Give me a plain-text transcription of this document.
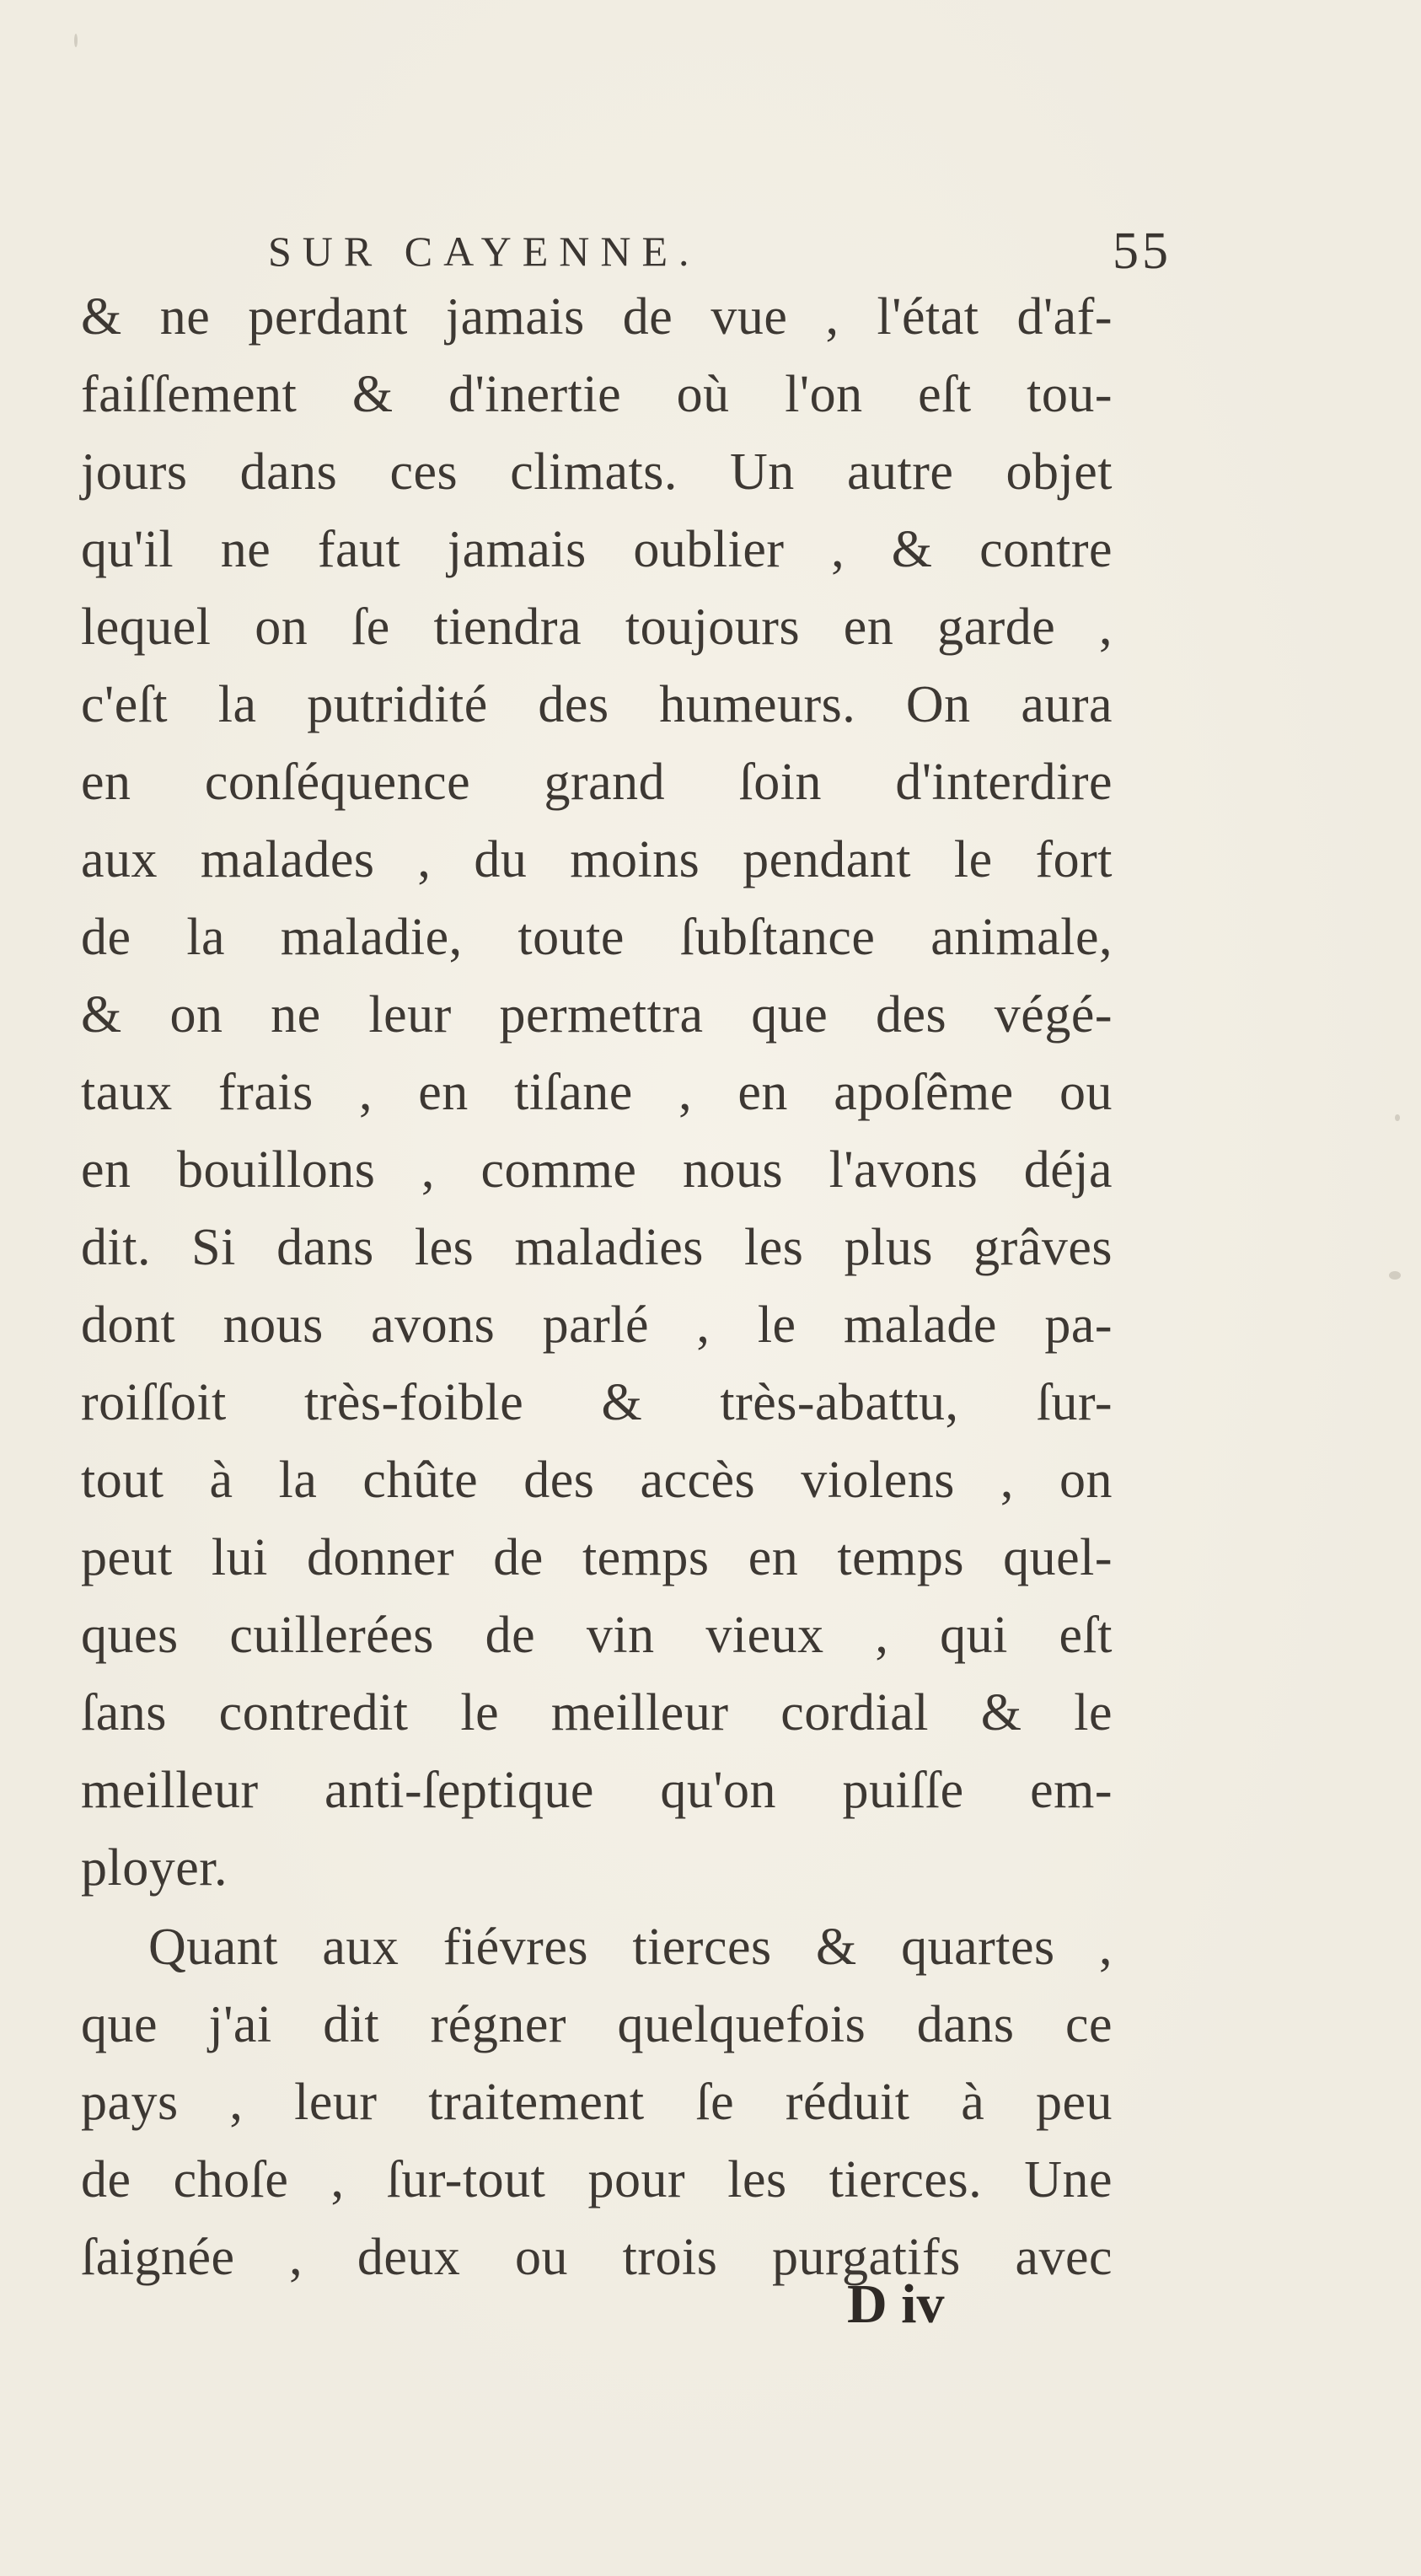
SUR CAYENNE.	55
& ne perdant jamais de vue , l'état d'af-
faiſſement & d'inertie où l'on eſt tou-
jours dans ces climats. Un autre objet
qu'il ne faut jamais oublier , & contre
lequel on ſe tiendra toujours en garde ,
c'eſt la putridité des humeurs. On aura
en conſéquence grand ſoin d'interdire
aux malades , du moins pendant le fort
de la maladie, toute ſubſtance animale,
& on ne leur permettra que des végé-
taux frais , en tiſane , en apoſême ou
en bouillons , comme nous l'avons déja
dit. Si dans les maladies les plus grâves
dont nous avons parlé , le malade pa-
roiſſoit très-foible & très-abattu, ſur-
tout à la chûte des accès violens , on
peut lui donner de temps en temps quel-
ques cuillerées de vin vieux , qui eſt
ſans contredit le meilleur cordial & le
meilleur anti-ſeptique qu'on puiſſe em-
ployer.
Quant aux fiévres tierces & quartes ,
que j'ai dit régner quelquefois dans ce
pays , leur traitement ſe réduit à peu
de choſe , ſur-tout pour les tierces. Une
ſaignée , deux ou trois purgatifs avec
D iv
